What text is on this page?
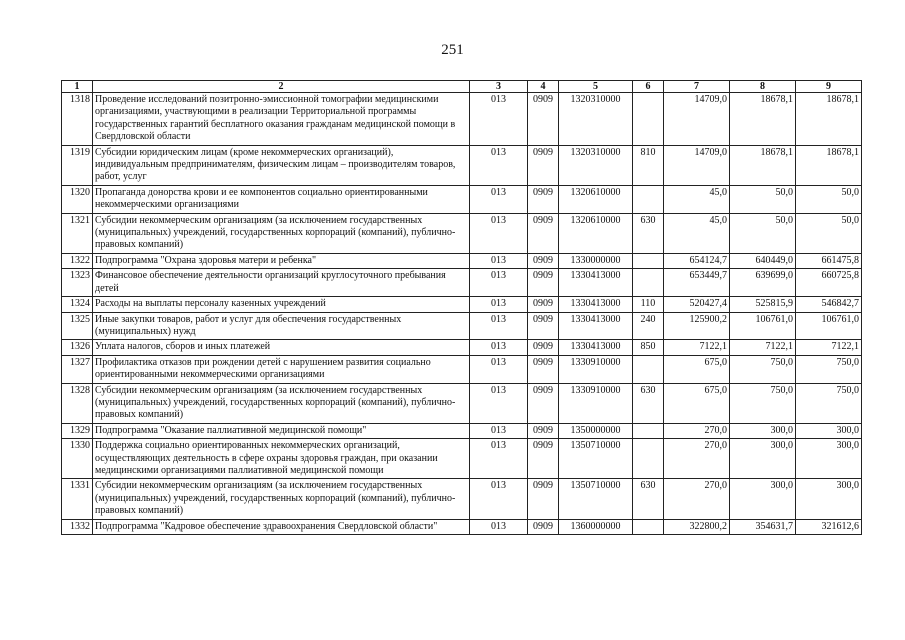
251
1	2	3	4	5	6	7	8	9
1318	Проведение исследований позитронно-эмиссионной томографии медицинскими организациями, участвующими в реализации Территориальной программы государственных гарантий бесплатного оказания гражданам медицинской помощи в Свердловской области	013	0909	1320310000		14709,0	18678,1	18678,1
1319	Субсидии юридическим лицам (кроме некоммерческих организаций), индивидуальным предпринимателям, физическим лицам – производителям товаров, работ, услуг	013	0909	1320310000	810	14709,0	18678,1	18678,1
1320	Пропаганда донорства крови и ее компонентов социально ориентированными некоммерческими организациями	013	0909	1320610000		45,0	50,0	50,0
1321	Субсидии некоммерческим организациям (за исключением государственных (муниципальных) учреждений, государственных корпораций (компаний), публично-правовых компаний)	013	0909	1320610000	630	45,0	50,0	50,0
1322	Подпрограмма "Охрана здоровья матери и ребенка"	013	0909	1330000000		654124,7	640449,0	661475,8
1323	Финансовое обеспечение деятельности организаций круглосуточного пребывания детей	013	0909	1330413000		653449,7	639699,0	660725,8
1324	Расходы на выплаты персоналу казенных учреждений	013	0909	1330413000	110	520427,4	525815,9	546842,7
1325	Иные закупки товаров, работ и услуг для обеспечения государственных (муниципальных) нужд	013	0909	1330413000	240	125900,2	106761,0	106761,0
1326	Уплата налогов, сборов и иных платежей	013	0909	1330413000	850	7122,1	7122,1	7122,1
1327	Профилактика отказов при рождении детей с нарушением развития социально ориентированными некоммерческими организациями	013	0909	1330910000		675,0	750,0	750,0
1328	Субсидии некоммерческим организациям (за исключением государственных (муниципальных) учреждений, государственных корпораций (компаний), публично-правовых компаний)	013	0909	1330910000	630	675,0	750,0	750,0
1329	Подпрограмма "Оказание паллиативной медицинской помощи"	013	0909	1350000000		270,0	300,0	300,0
1330	Поддержка социально ориентированных некоммерческих организаций, осуществляющих деятельность в сфере охраны здоровья граждан, при оказании медицинскими организациями паллиативной медицинской помощи	013	0909	1350710000		270,0	300,0	300,0
1331	Субсидии некоммерческим организациям (за исключением государственных (муниципальных) учреждений, государственных корпораций (компаний), публично-правовых компаний)	013	0909	1350710000	630	270,0	300,0	300,0
1332	Подпрограмма "Кадровое обеспечение здравоохранения Свердловской области"	013	0909	1360000000		322800,2	354631,7	321612,6
